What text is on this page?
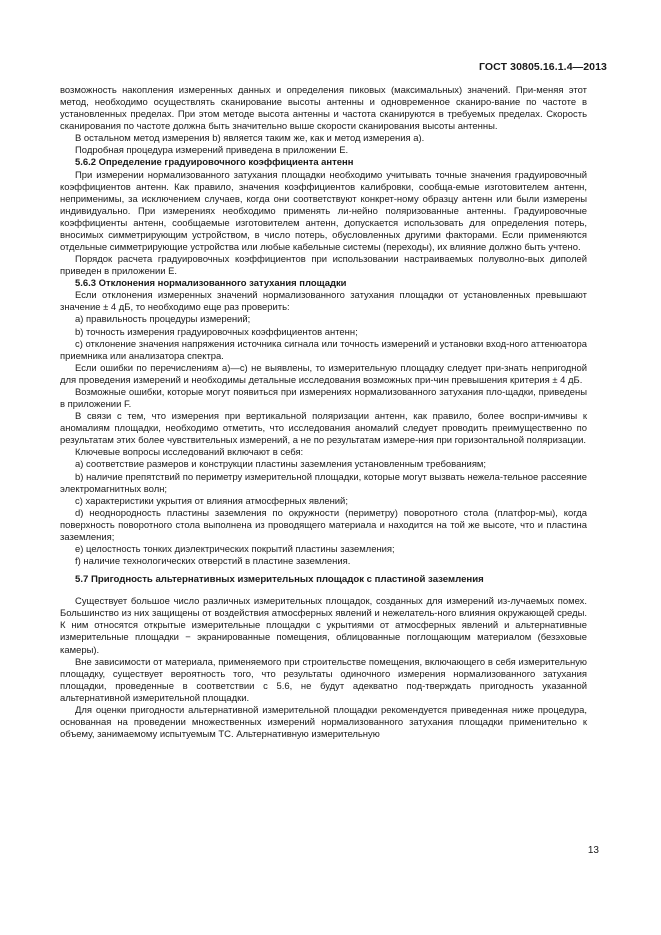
ГОСТ 30805.16.1.4—2013

возможность накопления измеренных данных и определения пиковых (максимальных) значений. При-меняя этот метод, необходимо осуществлять сканирование высоты антенны и одновременное сканиро-вание по частоте в установленных пределах. При этом методе высота антенны и частота сканируются в требуемых пределах. Скорость сканирования по частоте должна быть значительно выше скорости сканирования высоты антенны.

В остальном метод измерения b) является таким же, как и метод измерения а).

Подробная процедура измерений приведена в приложении Е.

5.6.2 Определение градуировочного коэффициента антенн

При измерении нормализованного затухания площадки необходимо учитывать точные значения градуировочный коэффициентов антенн. Как правило, значения коэффициентов калибровки, сообща-емые изготовителем антенн, неприменимы, за исключением случаев, когда они соответствуют конкрет-ному образцу антенн или были измерены индивидуально. При измерениях необходимо применять ли-нейно поляризованные антенны. Градуировочные коэффициенты антенн, сообщаемые изготовителем антенн, допускается использовать для определения потерь, вносимых симметрирующим устройством, в число потерь, обусловленных другими факторами. Если применяются отдельные симметрирующие устройства или любые кабельные системы (переходы), их влияние должно быть учтено.

Порядок расчета градуировочных коэффициентов при использовании настраиваемых полуволно-вых диполей приведен в приложении Е.

5.6.3 Отклонения нормализованного затухания площадки

Если отклонения измеренных значений нормализованного затухания площадки от установленных превышают значение ± 4 дБ, то необходимо еще раз проверить:

a) правильность процедуры измерений;

b) точность измерения градуировочных коэффициентов антенн;

c) отклонение значения напряжения источника сигнала или точность измерений и установки вход-ного аттенюатора приемника или анализатора спектра.

Если ошибки по перечислениям а)—с) не выявлены, то измерительную площадку следует при-знать непригодной для проведения измерений и необходимы детальные исследования возможных при-чин превышения критерия ± 4 дБ.

Возможные ошибки, которые могут появиться при измерениях нормализованного затухания пло-щадки, приведены в приложении F.

В связи с тем, что измерения при вертикальной поляризации антенн, как правило, более воспри-имчивы к аномалиям площадки, необходимо отметить, что исследования аномалий следует проводить преимущественно по результатам этих более чувствительных измерений, а не по результатам измере-ния при горизонтальной поляризации.

Ключевые вопросы исследований включают в себя:

a) соответствие размеров и конструкции пластины заземления установленным требованиям;

b) наличие препятствий по периметру измерительной площадки, которые могут вызвать нежела-тельное рассеяние электромагнитных волн;

c) характеристики укрытия от влияния атмосферных явлений;

d) неоднородность пластины заземления по окружности (периметру) поворотного стола (платфор-мы), когда поверхность поворотного стола выполнена из проводящего материала и находится на той же высоте, что и пластина заземления;

e) целостность тонких диэлектрических покрытий пластины заземления;

f) наличие технологических отверстий в пластине заземления.

5.7 Пригодность альтернативных измерительных площадок с пластиной заземления

Существует большое число различных измерительных площадок, созданных для измерений из-лучаемых помех. Большинство из них защищены от воздействия атмосферных явлений и нежелатель-ного влияния окружающей среды. К ним относятся открытые измерительные площадки с укрытиями от атмосферных явлений и альтернативные измерительные площадки − экранированные помещения, облицованные поглощающим материалом (безэховые камеры).

Вне зависимости от материала, применяемого при строительстве помещения, включающего в себя измерительную площадку, существует вероятность того, что результаты одиночного измерения нормализованного затухания площадки, проведенные в соответствии с 5.6, не будут адекватно под-тверждать пригодность указанной альтернативной измерительной площадки.

Для оценки пригодности альтернативной измерительной площадки рекомендуется приведенная ниже процедура, основанная на проведении множественных измерений нормализованного затухания площадки применительно к объему, занимаемому испытуемым ТС. Альтернативную измерительную

13
